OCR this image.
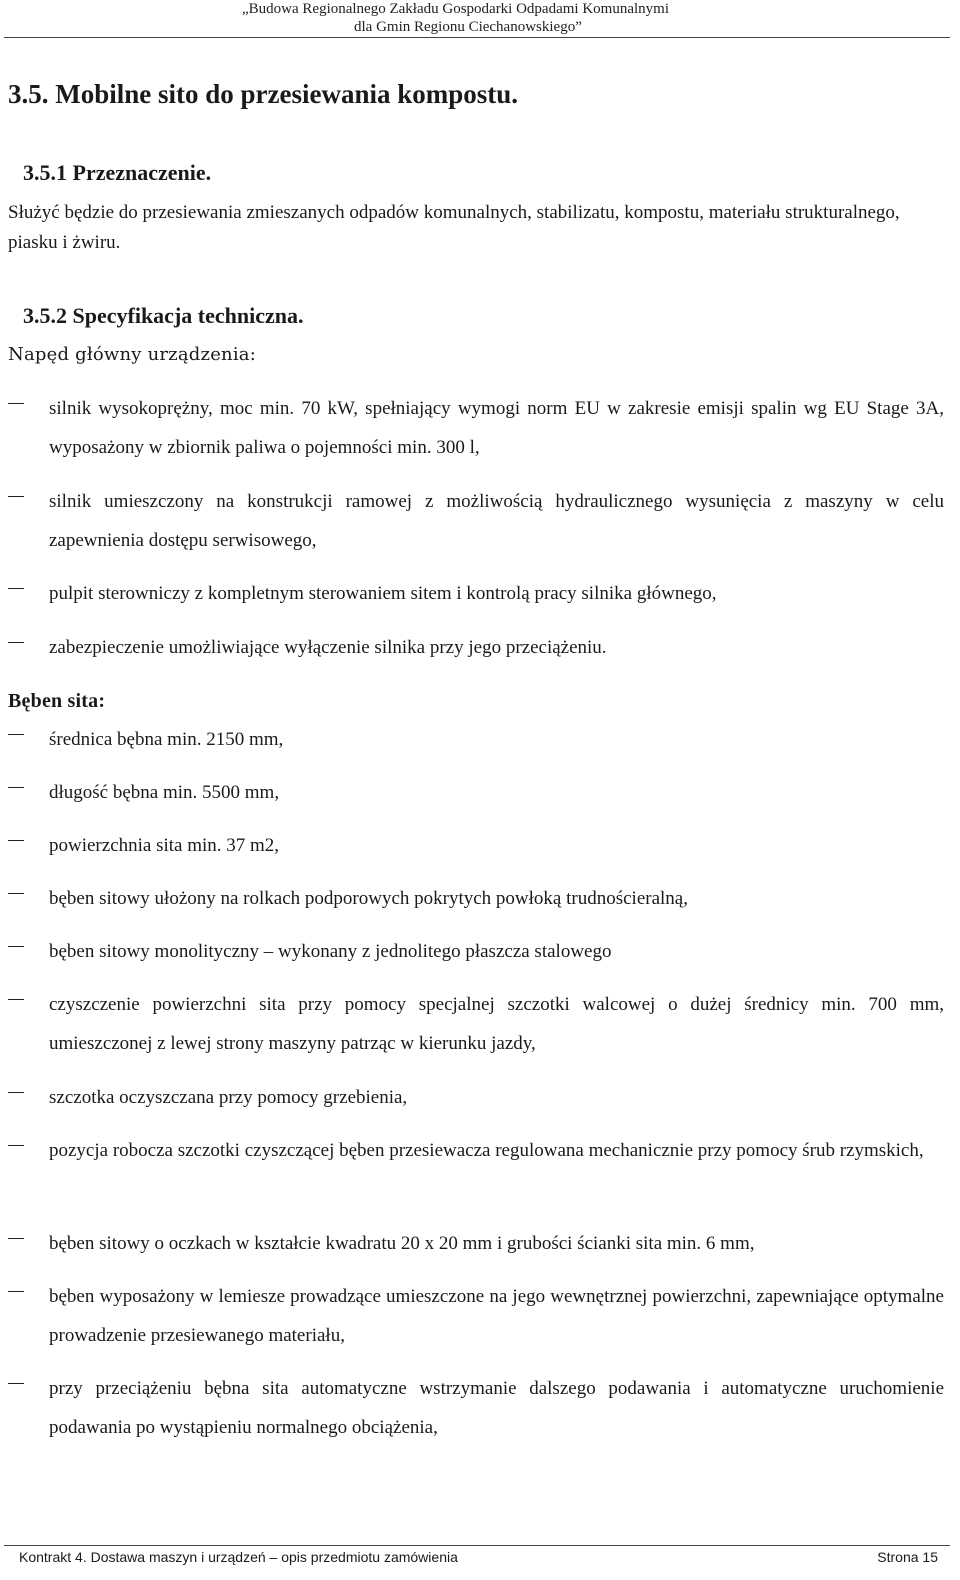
„Budowa Regionalnego Zakładu Gospodarki Odpadami Komunalnymi
dla Gmin Regionu Ciechanowskiego”
3.5. Mobilne sito do przesiewania kompostu.
3.5.1 Przeznaczenie.
Służyć będzie do przesiewania zmieszanych odpadów komunalnych, stabilizatu, kompostu, materiału strukturalnego, piasku i żwiru.
3.5.2 Specyfikacja techniczna.
Napęd główny urządzenia:
silnik wysokoprężny, moc min. 70 kW, spełniający wymogi norm EU w zakresie emisji spalin wg EU Stage 3A, wyposażony w zbiornik paliwa o pojemności min. 300 l,
silnik umieszczony na konstrukcji ramowej z możliwością hydraulicznego wysunięcia z maszyny w celu zapewnienia dostępu serwisowego,
pulpit sterowniczy z kompletnym sterowaniem sitem i kontrolą pracy silnika głównego,
zabezpieczenie umożliwiające wyłączenie silnika przy jego przeciążeniu.
Bęben sita:
średnica bębna min. 2150 mm,
długość bębna min. 5500 mm,
powierzchnia sita min. 37 m2,
bęben sitowy ułożony na rolkach podporowych pokrytych powłoką trudnościeralną,
bęben sitowy monolityczny – wykonany z jednolitego płaszcza stalowego
czyszczenie powierzchni sita przy pomocy specjalnej szczotki walcowej o dużej średnicy min. 700 mm, umieszczonej z lewej strony maszyny patrząc w kierunku jazdy,
szczotka oczyszczana przy pomocy grzebienia,
pozycja robocza szczotki czyszczącej bęben przesiewacza regulowana mechanicznie przy pomocy śrub rzymskich,
bęben sitowy o oczkach w kształcie kwadratu 20 x 20 mm i grubości ścianki sita min. 6 mm,
bęben wyposażony w lemiesze prowadzące umieszczone na jego wewnętrznej powierzchni, zapewniające optymalne prowadzenie przesiewanego materiału,
przy przeciążeniu bębna sita automatyczne wstrzymanie dalszego podawania i automatyczne uruchomienie podawania po wystąpieniu normalnego obciążenia,
Kontrakt 4. Dostawa maszyn i urządzeń – opis przedmiotu zamówienia	Strona 15
